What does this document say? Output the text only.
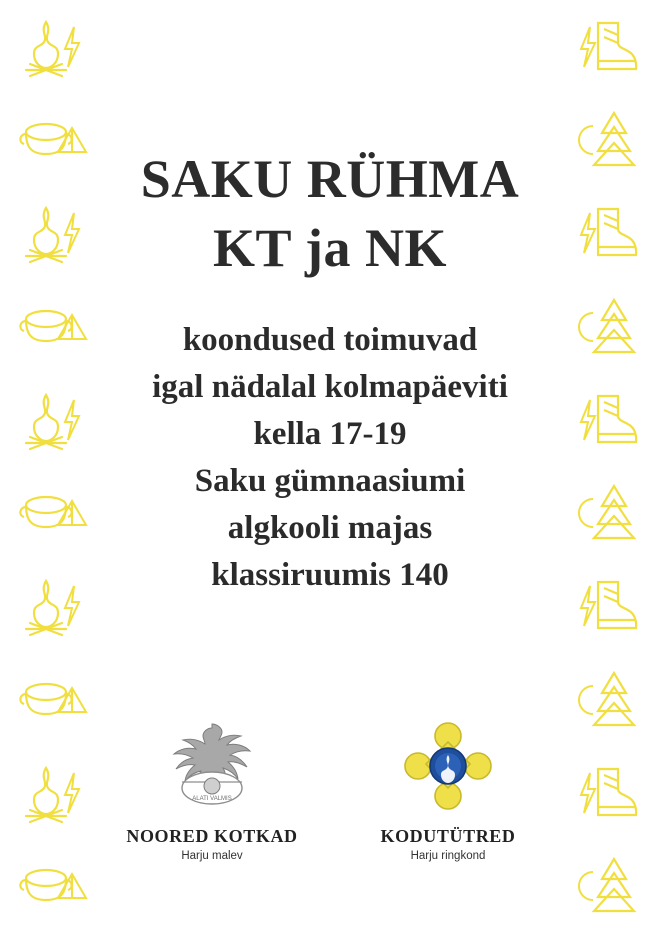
SAKU RÜHMA
KT ja NK
koondused toimuvad
igal nädalal kolmapäeviti
kella 17-19
Saku gümnaasiumi
algkooli majas
klassiruumis 140
ALATI VALMIS
NOORED KOTKAD
Harju malev
KODUTÜTRED
Harju ringkond
